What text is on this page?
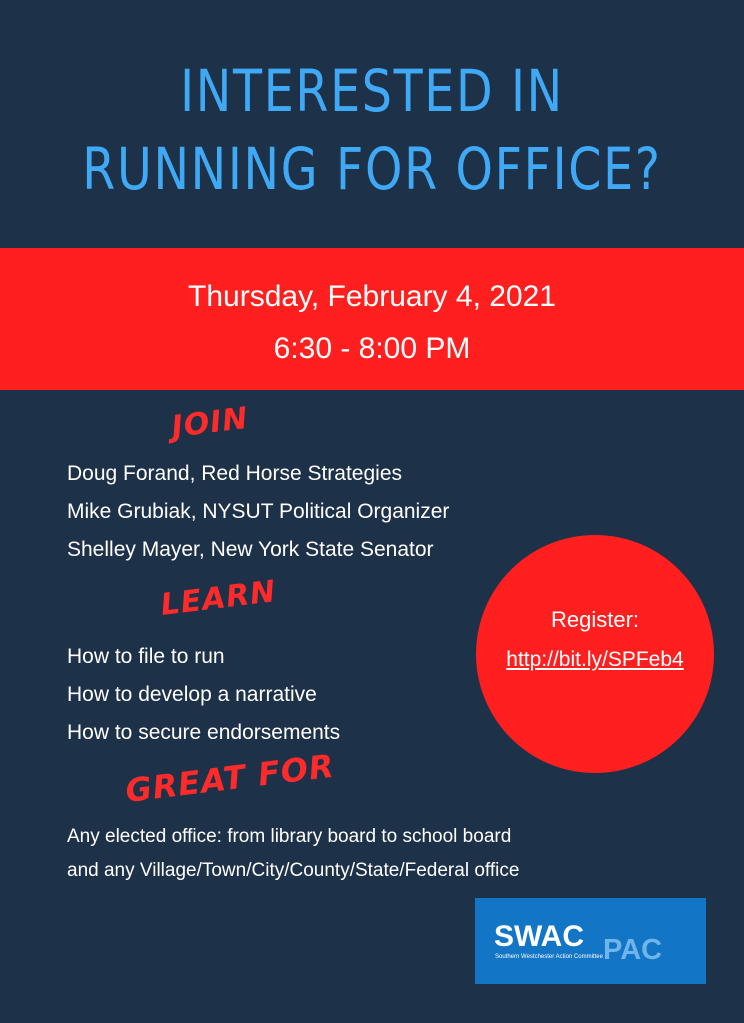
INTERESTED IN
RUNNING FOR OFFICE?
Thursday, February 4, 2021
6:30 - 8:00 PM
JOIN
Doug Forand, Red Horse Strategies
Mike Grubiak, NYSUT Political Organizer
Shelley Mayer, New York State Senator
LEARN
How to file to run
How to develop a narrative
How to secure endorsements
GREAT FOR
Any elected office: from library board to school board
and any Village/Town/City/County/State/Federal office
Register:
http://bit.ly/SPFeb4
SWAC PAC
Southern Westchester Action Committee
